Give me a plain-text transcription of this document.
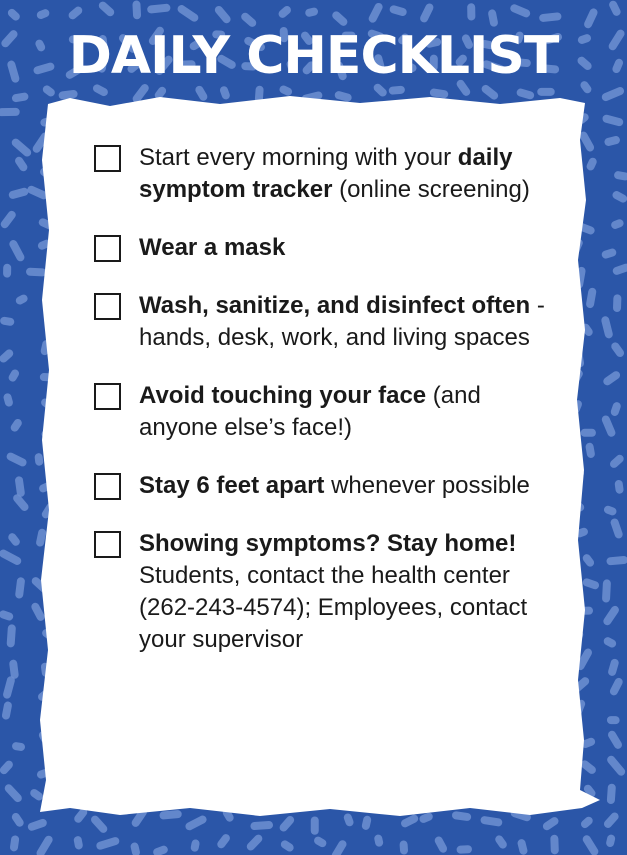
DAILY CHECKLIST
Start every morning with your daily symptom tracker (online screening)
Wear a mask
Wash, sanitize, and disinfect often - hands, desk, work, and living spaces
Avoid touching your face (and anyone else’s face!)
Stay 6 feet apart whenever possible
Showing symptoms? Stay home! Students, contact the health center (262-243-4574); Employees, contact your supervisor
